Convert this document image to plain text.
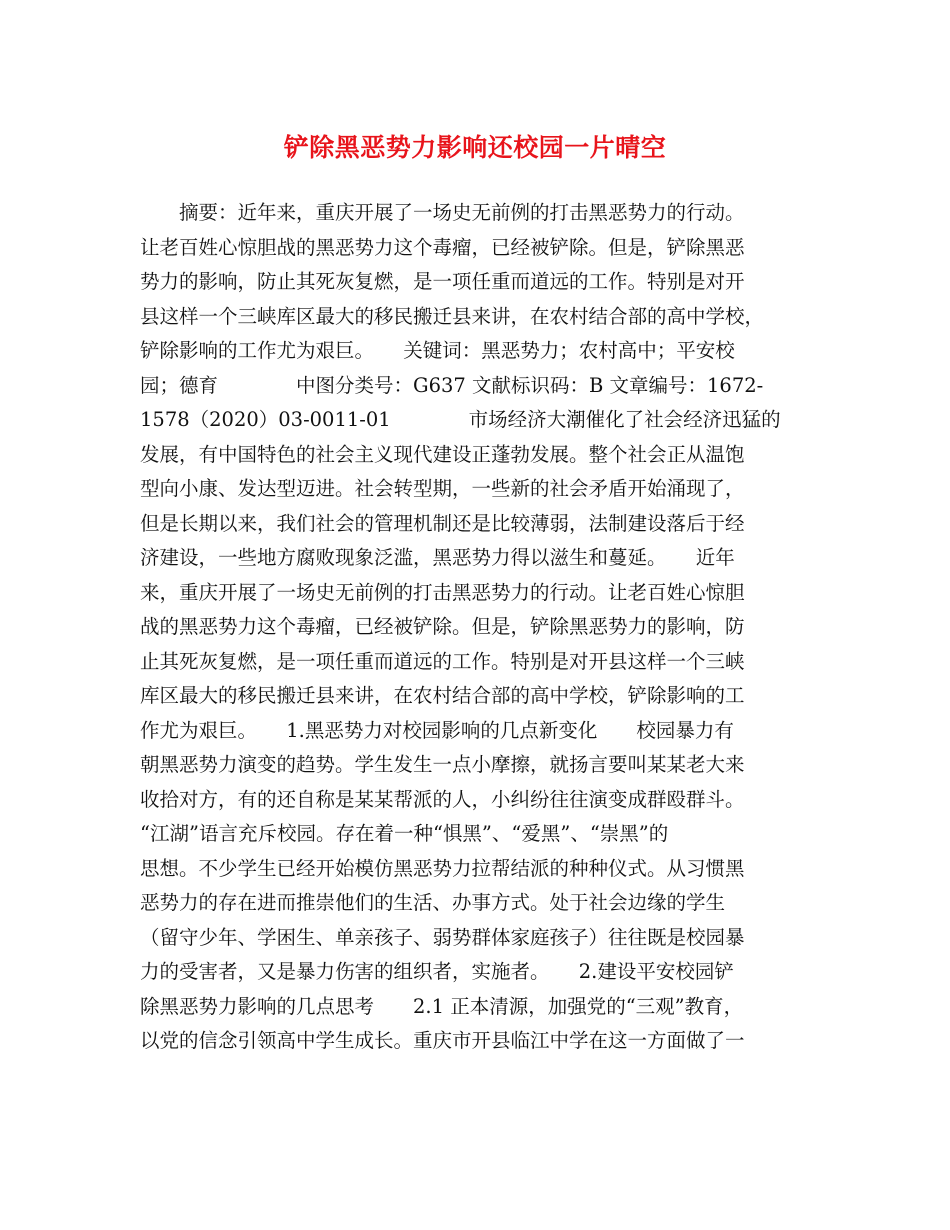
铲除黑恶势力影响还校园一片晴空
　　摘要：近年来，重庆开展了一场史无前例的打击黑恶势力的行动。
让老百姓心惊胆战的黑恶势力这个毒瘤，已经被铲除。但是，铲除黑恶
势力的影响，防止其死灰复燃，是一项任重而道远的工作。特别是对开
县这样一个三峡库区最大的移民搬迁县来讲，在农村结合部的高中学校，
铲除影响的工作尤为艰巨。　　关键词：黑恶势力；农村高中；平安校
园；德育　　　　中图分类号：G637 文献标识码：B 文章编号：1672-
1578（2020）03-0011-01　　　　市场经济大潮催化了社会经济迅猛的
发展，有中国特色的社会主义现代建设正蓬勃发展。整个社会正从温饱
型向小康、发达型迈进。社会转型期，一些新的社会矛盾开始涌现了，
但是长期以来，我们社会的管理机制还是比较薄弱，法制建设落后于经
济建设，一些地方腐败现象泛滥，黑恶势力得以滋生和蔓延。　　近年
来，重庆开展了一场史无前例的打击黑恶势力的行动。让老百姓心惊胆
战的黑恶势力这个毒瘤，已经被铲除。但是，铲除黑恶势力的影响，防
止其死灰复燃，是一项任重而道远的工作。特别是对开县这样一个三峡
库区最大的移民搬迁县来讲，在农村结合部的高中学校，铲除影响的工
作尤为艰巨。　　1.黑恶势力对校园影响的几点新变化　　校园暴力有
朝黑恶势力演变的趋势。学生发生一点小摩擦，就扬言要叫某某老大来
收拾对方，有的还自称是某某帮派的人，小纠纷往往演变成群殴群斗。
“江湖”语言充斥校园。存在着一种“惧黑”、“爱黑”、“崇黑”的
思想。不少学生已经开始模仿黑恶势力拉帮结派的种种仪式。从习惯黑
恶势力的存在进而推崇他们的生活、办事方式。处于社会边缘的学生
（留守少年、学困生、单亲孩子、弱势群体家庭孩子）往往既是校园暴
力的受害者，又是暴力伤害的组织者，实施者。　　2.建设平安校园铲
除黑恶势力影响的几点思考　　2.1 正本清源，加强党的“三观”教育，
以党的信念引领高中学生成长。重庆市开县临江中学在这一方面做了一
